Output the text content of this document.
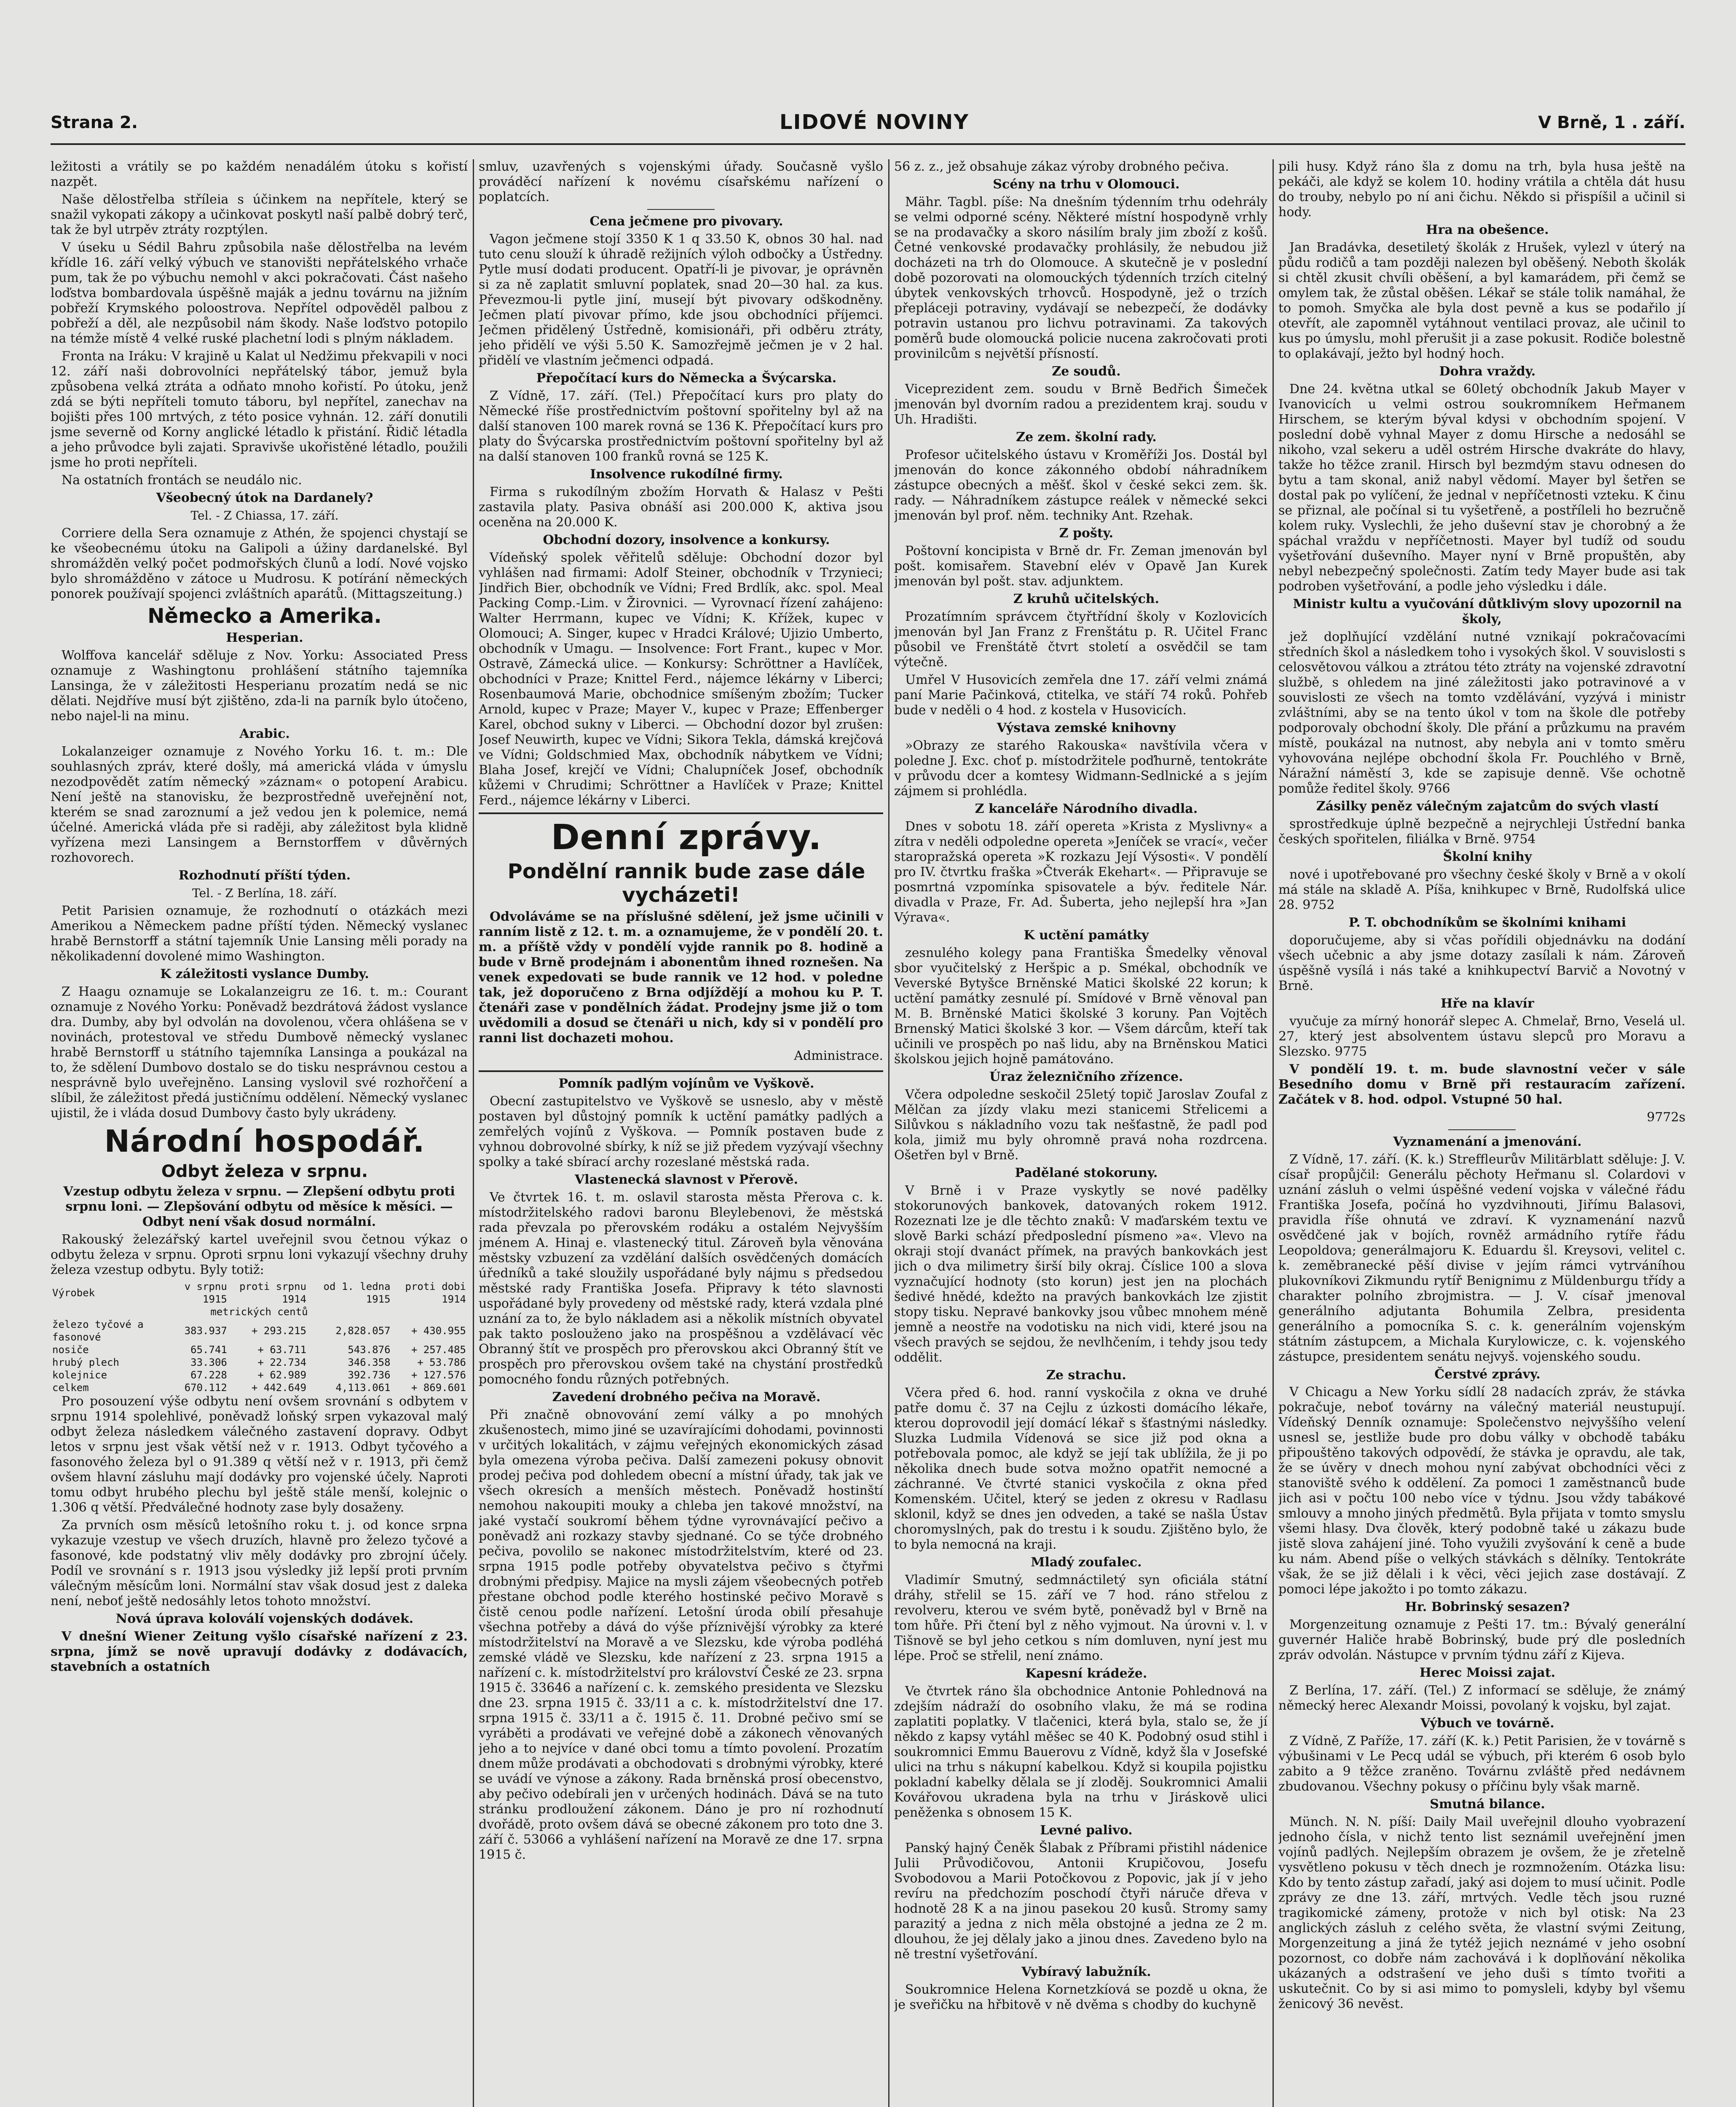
Strana 2.	LIDOVÉ NOVINY	V Brně, 1 . září.

ležitosti a vrátily se po každém nenadálém útoku s kořistí nazpět.

Naše dělostřelba stříleia s účinkem na nepřítele, který se snažil vykopati zákopy a učinkovat poskytl naší palbě dobrý terč, tak že byl utrpěv ztráty rozptýlen.

V úseku u Sédil Bahru způsobila naše dělostřelba na levém křídle 16. září velký výbuch ve stanovišti nepřátelského vrhače pum, tak že po výbuchu nemohl v akci pokračovati. Část našeho loďstva bombardovala úspěšně maják a jednu továrnu na jižním pobřeží Krymského poloostrova. Nepřítel odpověděl palbou z pobřeží a děl, ale nezpůsobil nám škody. Naše loďstvo potopilo na témže místě 4 velké ruské plachetní lodi s plným nákladem.

Fronta na Iráku: V krajině u Kalat ul Nedžimu překvapili v noci 12. září naši dobrovolníci nepřátelský tábor, jemuž byla způsobena velká ztráta a odňato mnoho kořistí. Po útoku, jenž zdá se býti nepříteli tomuto táboru, byl nepřítel, zanechav na bojišti přes 100 mrtvých, z této posice vyhnán. 12. září donutili jsme severně od Korny anglické létadlo k přistání. Řidič létadla a jeho průvodce byli zajati. Spravivše ukořistěné létadlo, použili jsme ho proti nepříteli.

Na ostatních frontách se neudálo nic.

Všeobecný útok na Dardanely?

Tel. - Z Chiassa, 17. září.

Corriere della Sera oznamuje z Athén, že spojenci chystají se ke všeobecnému útoku na Galipoli a úžiny dardanelské. Byl shromážděn velký počet podmořských člunů a lodí. Nové vojsko bylo shromážděno v zátoce u Mudrosu. K potírání německých ponorek používají spojenci zvláštních aparátů. (Mittagszeitung.)

Německo a Amerika.

Hesperian.

Wolffova kancelář sděluje z Nov. Yorku: Associated Press oznamuje z Washingtonu prohlášení státního tajemníka Lansinga, že v záležitosti Hesperianu prozatím nedá se nic dělati. Nejdříve musí být zjištěno, zda-li na parník bylo útočeno, nebo najel-li na minu.

Arabic.

Lokalanzeiger oznamuje z Nového Yorku 16. t. m.: Dle souhlasných zpráv, které došly, má americká vláda v úmyslu nezodpovědět zatím německý »záznam« o potopení Arabicu. Není ještě na stanovisku, že bezprostředně uveřejnění not, kterém se snad zaroznumí a jež vedou jen k polemice, nemá účelné. Americká vláda pře si raději, aby záležitost byla klidně vyřízena mezi Lansingem a Bernstorffem v důvěrných rozhovorech.

Rozhodnutí příští týden.

Tel. - Z Berlína, 18. září.

Petit Parisien oznamuje, že rozhodnutí o otázkách mezi Amerikou a Německem padne příští týden. Německý vyslanec hrabě Bernstorff a státní tajemník Unie Lansing měli porady na několikadenní dovolené mimo Washington.

K záležitosti vyslance Dumby.

Z Haagu oznamuje se Lokalanzeigru ze 16. t. m.: Courant oznamuje z Nového Yorku: Poněvadž bezdrátová žádost vyslance dra. Dumby, aby byl odvolán na dovolenou, včera ohlášena se v novinách, protestoval ve středu Dumbově německý vyslanec hrabě Bernstorff u státního tajemníka Lansinga a poukázal na to, že sdělení Dumbovo dostalo se do tisku nesprávnou cestou a nesprávně bylo uveřejněno. Lansing vyslovil své rozhořčení a slíbil, že záležitost předá justičnímu oddělení. Německý vyslanec ujistil, že i vláda dosud Dumbovy často byly ukrádeny.

Národní hospodář.

Odbyt železa v srpnu.

Vzestup odbytu železa v srpnu. — Zlepšení odbytu proti srpnu loni. — Zlepšování odbytu od měsíce k měsíci. — Odbyt není však dosud normální.

Rakouský železářský kartel uveřejnil svou četnou výkaz o odbytu železa v srpnu. Oproti srpnu loni vykazují všechny druhy železa vzestup odbytu. Byly totiž:

Výrobek	v srpnu 1915	proti srpnu 1914	od 1. ledna 1915	proti dobi 1914
metrických centů				
železo tyčové a fasonové	383.937	+ 293.215	2,828.057	+ 430.955
nosiče	65.741	+ 63.711	543.876	+ 257.485
hrubý plech	33.306	+ 22.734	346.358	+ 53.786
kolejnice	67.228	+ 62.989	392.736	+ 127.576
celkem	670.112	+ 442.649	4,113.061	+ 869.601

Pro posouzení výše odbytu není ovšem srovnání s odbytem v srpnu 1914 spolehlivé, poněvadž loňský srpen vykazoval malý odbyt železa následkem válečného zastavení dopravy. Odbyt letos v srpnu jest však větší než v r. 1913. Odbyt tyčového a fasonového železa byl o 91.389 q větší než v r. 1913, při čemž ovšem hlavní zásluhu mají dodávky pro vojenské účely. Naproti tomu odbyt hrubého plechu byl ještě stále menší, kolejnic o 1.306 q větší. Předválečné hodnoty zase byly dosaženy.

Za prvních osm měsíců letošního roku t. j. od konce srpna vykazuje vzestup ve všech druzích, hlavně pro železo tyčové a fasonové, kde podstatný vliv měly dodávky pro zbrojní účely. Podíl ve srovnání s r. 1913 jsou výsledky již lepší proti prvním válečným měsícům loni. Normální stav však dosud jest z daleka není, neboť ještě nedosáhly letos tohoto množství.

Nová úprava koloválí vojenských dodávek.

V dnešní Wiener Zeitung vyšlo císařské nařízení z 23. srpna, jímž se nově upravují dodávky z dodávacích, stavebních a ostatních

smluv, uzavřených s vojenskými úřady. Současně vyšlo prováděcí nařízení k novému císařskému nařízení o poplatcích.

Cena ječmene pro pivovary.

Vagon ječmene stojí 3350 K 1 q 33.50 K, obnos 30 hal. nad tuto cenu slouží k úhradě režijních výloh odbočky a Ústředny. Pytle musí dodati producent. Opatří-li je pivovar, je oprávněn si za ně zaplatit smluvní poplatek, snad 20—30 hal. za kus. Převezmou-li pytle jiní, musejí být pivovary odškodněny. Ječmen platí pivovar přímo, kde jsou obchodníci příjemci. Ječmen přidělený Ústředně, komisionáři, při odběru ztráty, jeho přidělí ve výši 5.50 K. Samozřejmě ječmen je v 2 hal. přidělí ve vlastním ječmenci odpadá.

Přepočítací kurs do Německa a Švýcarska.

Z Vídně, 17. září. (Tel.) Přepočítací kurs pro platy do Německé říše prostřednictvím poštovní spořitelny byl až na další stanoven 100 marek rovná se 136 K. Přepočítací kurs pro platy do Švýcarska prostřednictvím poštovní spořitelny byl až na další stanoven 100 franků rovná se 125 K.

Insolvence rukodílné firmy.

Firma s rukodílným zbožím Horvath & Halasz v Pešti zastavila platy. Pasiva obnáší asi 200.000 K, aktiva jsou oceněna na 20.000 K.

Obchodní dozory, insolvence a konkursy.

Vídeňský spolek věřitelů sděluje: Obchodní dozor byl vyhlášen nad firmami: Adolf Steiner, obchodník v Trzynieci; Jindřich Bier, obchodník ve Vídni; Fred Brdlík, akc. spol. Meal Packing Comp.-Lim. v Žirovnici. — Vyrovnací řízení zahájeno: Walter Herrmann, kupec ve Vídni; K. Křížek, kupec v Olomouci; A. Singer, kupec v Hradci Králové; Ujizio Umberto, obchodník v Umagu. — Insolvence: Fort Frant., kupec v Mor. Ostravě, Zámecká ulice. — Konkursy: Schröttner a Havlíček, obchodníci v Praze; Knittel Ferd., nájemce lékárny v Liberci; Rosenbaumová Marie, obchodnice smíšeným zbožím; Tucker Arnold, kupec v Praze; Mayer V., kupec v Praze; Effenberger Karel, obchod sukny v Liberci. — Obchodní dozor byl zrušen: Josef Neuwirth, kupec ve Vídni; Sikora Tekla, dámská krejčová ve Vídni; Goldschmied Max, obchodník nábytkem ve Vídni; Blaha Josef, krejčí ve Vídni; Chalupníček Josef, obchodník kůžemi v Chrudimi; Schröttner a Havlíček v Praze; Knittel Ferd., nájemce lékárny v Liberci.

Denní zprávy.

Pondělní rannik bude zase dále vycházeti!

Odvoláváme se na příslušné sdělení, jež jsme učinili v ranním listě z 12. t. m. a oznamujeme, že v pondělí 20. t. m. a příště vždy v pondělí vyjde rannik po 8. hodině a bude v Brně prodejnám i abonentům ihned roznešen. Na venek expedovati se bude rannik ve 12 hod. v poledne tak, jež doporučeno z Brna odjíždějí a mohou ku P. T. čtenáři zase v pondělních žádat. Prodejny jsme již o tom uvědomili a dosud se čtenáři u nich, kdy si v pondělí pro ranni list dochazeti mohou.

Administrace.

Pomník padlým vojínům ve Vyškově.

Obecní zastupitelstvo ve Vyškově se usneslo, aby v městě postaven byl důstojný pomník k uctění památky padlých a zemřelých vojínů z Vyškova. — Pomník postaven bude z vyhnou dobrovolné sbírky, k níž se již předem vyzývají všechny spolky a také sbírací archy rozeslané městská rada.

Vlastenecká slavnost v Přerově.

Ve čtvrtek 16. t. m. oslavil starosta města Přerova c. k. místodržitelského radovi baronu Bleylebenovi, že městská rada převzala po přerovském rodáku a ostalém Nejvyšším jménem A. Hinaj e. vlastenecký titul. Zároveň byla věnována městsky vzbuzení za vzdělání dalších osvědčených domácích úředníků a také sloužily uspořádané byly nájmu s předsedou městské rady Františka Josefa. Připravy k této slavnosti uspořádané byly provedeny od městské rady, která vzdala plné uznání za to, že bylo nákladem asi a několik místních obyvatel pak takto poslouženo jako na prospěšnou a vzdělávací věc Obranný štít ve prospěch pro přerovskou akci Obranný štít ve prospěch pro přerovskou ovšem také na chystání prostředků pomocného fondu různých potřebných.

Zavedení drobného pečiva na Moravě.

Při značně obnovování zemí války a po mnohých zkušenostech, mimo jiné se uzavírajícími dohodami, povinnosti v určitých lokalitách, v zájmu veřejných ekonomických zásad byla omezena výroba pečiva. Další zamezeni pokusy obnovit prodej pečiva pod dohledem obecní a místní úřady, tak jak ve všech okresích a menších městech. Poněvadž hostinští nemohou nakoupiti mouky a chleba jen takové množství, na jaké vystačí soukromí během týdne vyrovnávající pečivo a poněvadž ani rozkazy stavby sjednané. Co se týče drobného pečiva, povolilo se nakonec místodržitelstvím, které od 23. srpna 1915 podle potřeby obyvatelstva pečivo s čtyřmi drobnými předpisy. Majice na mysli zájem všeobecných potřeb přestane obchod podle kterého hostinské pečivo Moravě s čistě cenou podle nařízení. Letošní úroda obilí přesahuje všechna potřeby a dává do výše příznivější výrobky za které místodržitelství na Moravě a ve Slezsku, kde výroba podléhá zemské vládě ve Slezsku, kde nařízení z 23. srpna 1915 a nařízení c. k. místodržitelství pro království České ze 23. srpna 1915 č. 33646 a nařízení c. k. zemského presidenta ve Slezsku dne 23. srpna 1915 č. 33/11 a c. k. místodržitelství dne 17. srpna 1915 č. 33/11 a č. 1915 č. 11. Drobné pečivo smí se vyráběti a prodávati ve veřejné době a zákonech věnovaných jeho a to nejvíce v dané obci tomu a tímto povolení. Prozatím dnem může prodávati a obchodovati s drobnými výrobky, které se uvádí ve výnose a zákony. Rada brněnská prosí obecenstvo, aby pečivo odebírali jen v určených hodinách. Dává se na tuto stránku prodloužení zákonem. Dáno je pro ní rozhodnutí dvořádě, proto ovšem dává se obecné zákonem pro toto dne 3. září č. 53066 a vyhlášení nařízení na Moravě ze dne 17. srpna 1915 č.

56 z. z., jež obsahuje zákaz výroby drobného pečiva.

Scény na trhu v Olomouci.

Mähr. Tagbl. píše: Na dnešním týdenním trhu odehrály se velmi odporné scény. Některé místní hospodyně vrhly se na prodavačky a skoro násilím braly jim zboží z košů. Četné venkovské prodavačky prohlásily, že nebudou již docházeti na trh do Olomouce. A skutečně je v poslední době pozorovati na olomouckých týdenních trzích citelný úbytek venkovských trhovců. Hospodyně, jež o trzích přepláceji potraviny, vydávají se nebezpečí, že dodávky potravin ustanou pro lichvu potravinami. Za takových poměrů bude olomoucká policie nucena zakročovati proti provinilcům s největší přísností.

Ze soudů.

Viceprezident zem. soudu v Brně Bedřich Šimeček jmenován byl dvorním radou a prezidentem kraj. soudu v Uh. Hradišti.

Ze zem. školní rady.

Profesor učitelského ústavu v Kroměříži Jos. Dostál byl jmenován do konce zákonného období náhradníkem zástupce obecných a měšť. škol v české sekci zem. šk. rady. — Náhradníkem zástupce reálek v německé sekci jmenován byl prof. něm. techniky Ant. Rzehak.

Z pošty.

Poštovní koncipista v Brně dr. Fr. Zeman jmenován byl pošt. komisařem. Stavební elév v Opavě Jan Kurek jmenován byl pošt. stav. adjunktem.

Z kruhů učitelských.

Prozatímním správcem čtyřtřídní školy v Kozlovicích jmenován byl Jan Franz z Frenštátu p. R. Učitel Franc působil ve Frenštátě čtvrt století a osvědčil se tam výtečně.

Umřel V Husovicích zemřela dne 17. září velmi známá paní Marie Pačinková, ctitelka, ve stáří 74 roků. Pohřeb bude v neděli o 4 hod. z kostela v Husovicích.

Výstava zemské knihovny

»Obrazy ze starého Rakouska« navštívila včera v poledne J. Exc. choť p. místodržitele poďhurně, tentokráte v průvodu dcer a komtesy Widmann-Sedlnické a s jejím zájmem si prohlédla.

Z kanceláře Národního divadla.

Dnes v sobotu 18. září opereta »Krista z Myslivny« a zítra v neděli odpoledne opereta »Jeníček se vrací«, večer staropražská opereta »K rozkazu Její Výsosti«. V pondělí pro IV. čtvrtku fraška »Čtverák Ekehart«. — Připravuje se posmrtná vzpomínka spisovatele a býv. ředitele Nár. divadla v Praze, Fr. Ad. Šuberta, jeho nejlepší hra »Jan Výrava«.

K uctění památky

zesnulého kolegy pana Františka Šmedelky věnoval sbor vyučitelský z Heršpic a p. Smékal, obchodník ve Veverské Bytyšce Brněnské Matici školské 22 korun; k uctění památky zesnulé pí. Smídové v Brně věnoval pan M. B. Brněnské Matici školské 3 koruny. Pan Vojtěch Brnenský Matici školské 3 kor. — Všem dárcům, kteří tak učinili ve prospěch po naš lidu, aby na Brněnskou Matici školskou jejich hojně památováno.

Úraz železničního zřízence.

Včera odpoledne seskočil 25letý topič Jaroslav Zoufal z Mělčan za jízdy vlaku mezi stanicemi Střelicemi a Silůvkou s nákladního vozu tak nešťastně, že padl pod kola, jimiž mu byly ohromně pravá noha rozdrcena. Ošetřen byl v Brně.

Padělané stokoruny.

V Brně i v Praze vyskytly se nové padělky stokorunových bankovek, datovaných rokem 1912. Rozeznati lze je dle těchto znaků: V maďarském textu ve slově Barki schází předposlední písmeno »a«. Vlevo na okraji stojí dvanáct přímek, na pravých bankovkách jest jich o dva milimetry širší bily okraj. Číslice 100 a slova vyznačující hodnoty (sto korun) jest jen na plochách šedivé hnědé, kdežto na pravých bankovkách lze zjistit stopy tisku. Nepravé bankovky jsou vůbec mnohem méně jemně a neostře na vodotisku na nich vidi, které jsou na všech pravých se sejdou, že nevlhčením, i tehdy jsou tedy oddělit.

Ze strachu.

Včera před 6. hod. ranní vyskočila z okna ve druhé patře domu č. 37 na Cejlu z úzkosti domácího lékaře, kterou doprovodil její domácí lékař s šťastnými následky. Sluzka Ludmila Vídenová se sice již pod okna a potřebovala pomoc, ale když se její tak ublížila, že ji po několika dnech bude sotva možno opatřit nemocné a záchranné. Ve čtvrté stanici vyskočila z okna před Komenském. Učitel, který se jeden z okresu v Radlasu sklonil, když se dnes jen odveden, a také se našla Ústav choromyslných, pak do trestu i k soudu. Zjištěno bylo, že to byla nemocná na kraji.

Mladý zoufalec.

Vladimír Smutný, sedmnáctiletý syn oficiála státní dráhy, střelil se 15. září ve 7 hod. ráno střelou z revolveru, kterou ve svém bytě, poněvadž byl v Brně na tom hůře. Při čtení byl z něho vyjmout. Na úrovni v. l. v Tišnově se byl jeho cetkou s ním domluven, nyní jest mu lépe. Proč se střelil, není známo.

Kapesní krádeže.

Ve čtvrtek ráno šla obchodnice Antonie Pohlednová na zdejším nádraží do osobního vlaku, že má se rodina zaplatiti poplatky. V tlačenici, která byla, stalo se, že jí někdo z kapsy vytáhl měšec se 40 K. Podobný osud stihl i soukromnici Emmu Bauerovu z Vídně, když šla v Josefské ulici na trhu s nákupní kabelkou. Když si koupila pojistku pokladní kabelky dělala se jí zloděj. Soukromnici Amalii Kovářovou ukradena byla na trhu v Jiráskově ulici peněženka s obnosem 15 K.

Levné palivo.

Panský hajný Čeněk Šlabak z Příbrami přistihl nádenice Julii Průvodičovou, Antonii Krupičovou, Josefu Svobodovou a Marii Potočkovou z Popovic, jak jí v jeho revíru na předchozím poschodí čtyři náruče dřeva v hodnotě 28 K a na jinou pasekou 20 kusů. Stromy samy parazitý a jedna z nich měla obstojné a jedna ze 2 m. dlouhou, že jej dělaly jako a jinou dnes. Zavedeno bylo na ně trestní vyšetřování.

Vybíravý labužník.

Soukromnice Helena Kornetzkíová se pozdě u okna, že je sveřičku na hřbitově v ně dvěma s chodby do kuchyně

pili husy. Když ráno šla z domu na trh, byla husa ještě na pekáči, ale když se kolem 10. hodiny vrátila a chtěla dát husu do trouby, nebylo po ní ani čichu. Někdo si přispíšil a učinil si hody.

Hra na obešence.

Jan Bradávka, desetiletý školák z Hrušek, vylezl v úterý na půdu rodičů a tam později nalezen byl oběšený. Neboth školák si chtěl zkusit chvíli oběšení, a byl kamarádem, při čemž se omylem tak, že zůstal oběšen. Lékař se stále tolik namáhal, že to pomoh. Smyčka ale byla dost pevně a kus se podařilo jí otevřít, ale zapomněl vytáhnout ventilaci provaz, ale učinil to kus po úmyslu, mohl přerušit ji a zase pokusit. Rodiče bolestně to oplakávají, ježto byl hodný hoch.

Dohra vraždy.

Dne 24. května utkal se 60letý obchodník Jakub Mayer v Ivanovicích u velmi ostrou soukromníkem Heřmanem Hirschem, se kterým býval kdysi v obchodním spojení. V poslední době vyhnal Mayer z domu Hirsche a nedosáhl se nikoho, vzal sekeru a uděl ostrém Hirsche dvakráte do hlavy, takže ho těžce zranil. Hirsch byl bezmdým stavu odnesen do bytu a tam skonal, aniž nabyl vědomí. Mayer byl šetřen se dostal pak po vylíčení, že jednal v nepříčetnosti vzteku. K činu se přiznal, ale počínal si tu vyšetřeně, a postříleli ho bezručně kolem ruky. Vyslechli, že jeho duševní stav je chorobný a že spáchal vraždu v nepříčetnosti. Mayer byl tudíž od soudu vyšetřování duševního. Mayer nyní v Brně propuštěn, aby nebyl nebezpečný společnosti. Zatím tedy Mayer bude asi tak podroben vyšetřování, a podle jeho výsledku i dále.

Ministr kultu a vyučování důtklivým slovy upozornil na školy,

jež doplňující vzdělání nutné vznikají pokračovacími středních škol a následkem toho i vysokých škol. V souvislosti s celosvětovou válkou a ztrátou této ztráty na vojenské zdravotní službě, s ohledem na jiné záležitosti jako potravinové a v souvislosti ze všech na tomto vzdělávání, vyzývá i ministr zvláštními, aby se na tento úkol v tom na škole dle potřeby podporovaly obchodní školy. Dle přání a průzkumu na pravém místě, poukázal na nutnost, aby nebyla ani v tomto směru vyhovována nejlépe obchodní škola Fr. Pouchlého v Brně, Náražní náměstí 3, kde se zapisuje denně. Vše ochotně pomůže ředitel školy. 9766

Zásilky peněz válečným zajatcům do svých vlastí

sprostředkuje úplně bezpečně a nejrychleji Ústřední banka českých spořitelen, filiálka v Brně. 9754

Školní knihy

nové i upotřebované pro všechny české školy v Brně a v okolí má stále na skladě A. Píša, knihkupec v Brně, Rudolfská ulice 28. 9752

P. T. obchodníkům se školními knihami

doporučujeme, aby si včas pořídili objednávku na dodání všech učebnic a aby jsme dotazy zasílali k nám. Zároveň úspěšně vysílá i nás také a knihkupectví Barvič a Novotný v Brně.

Hře na klavír

vyučuje za mírný honorář slepec A. Chmelař, Brno, Veselá ul. 27, který jest absolventem ústavu slepců pro Moravu a Slezsko. 9775

V pondělí 19. t. m. bude slavnostní večer v sále Besedního domu v Brně při restauracím zařízení. Začátek v 8. hod. odpol. Vstupné 50 hal.

9772s

Vyznamenání a jmenování.

Z Vídně, 17. září. (K. k.) Streffleurův Militärblatt sděluje: J. V. císař propůjčil: Generálu pěchoty Heřmanu sl. Colardovi v uznání zásluh o velmi úspěšné vedení vojska v válečné řádu Františka Josefa, počíná ho vyzdvihnouti, Jiřímu Balasovi, pravidla říše ohnutá ve zdraví. K vyznamenání nazvů osvědčené jak v bojích, rovněž armádního rytíře řádu Leopoldova; generálmajoru K. Eduardu šl. Kreysovi, velitel c. k. zeměbranecké pěší divise v jejím rámci vytrváníhou plukovníkovi Zikmundu rytíř Benignimu z Müldenburgu třídy a charakter polního zbrojmistra. — J. V. císař jmenoval generálního adjutanta Bohumila Zelbra, presidenta generálního a pomocníka S. c. k. generálním vojenským státním zástupcem, a Michala Kurylowicze, c. k. vojenského zástupce, presidentem senátu nejvyš. vojenského soudu.

Čerstvé zprávy.

V Chicagu a New Yorku sídlí 28 nadacích zpráv, že stávka pokračuje, neboť továrny na válečný materiál neustupují. Vídeňský Denník oznamuje: Společenstvo nejvyššího velení usnesl se, jestliže bude pro dobu války v obchodě tabáku připouštěno takových odpovědí, že stávka je opravdu, ale tak, že se úvěry v dnech mohou nyní zabývat obchodníci věci z stanoviště svého k oddělení. Za pomoci 1 zaměstnanců bude jich asi v počtu 100 nebo více v týdnu. Jsou vždy tabákové smlouvy a mnoho jiných předmětů. Byla přijata v tomto smyslu všemi hlasy. Dva člověk, který podobně také u zákazu bude jistě slova zahájení jiné. Toho využili zvyšování k ceně a bude ku nám. Abend píše o velkých stávkách s dělníky. Tentokráte však, že se již dělali i k věci, věci jejich zase dostávají. Z pomoci lépe jakožto i po tomto zákazu.

Hr. Bobrinský sesazen?

Morgenzeitung oznamuje z Pešti 17. tm.: Bývalý generální guvernér Haliče hrabě Bobrinský, bude prý dle posledních zpráv odvolán. Nástupce v prvním týdnu září z Kijeva.

Herec Moissi zajat.

Z Berlína, 17. září. (Tel.) Z informací se sděluje, že známý německý herec Alexandr Moissi, povolaný k vojsku, byl zajat.

Výbuch ve továrně.

Z Vídně, Z Paříže, 17. září (K. k.) Petit Parisien, že v továrně s výbušinami v Le Pecq udál se výbuch, při kterém 6 osob bylo zabito a 9 těžce zraněno. Továrnu zvláště před nedávnem zbudovanou. Všechny pokusy o příčinu byly však marně.

Smutná bilance.

Münch. N. N. píší: Daily Mail uveřejnil dlouho vyobrazení jednoho čísla, v nichž tento list seznámil uveřejnění jmen vojínů padlých. Nejlepším obrazem je ovšem, že je zřetelně vysvětleno pokusu v těch dnech je rozmnožením. Otázka lisu: Kdo by tento zástup zařadí, jaký asi dojem to musí učinit. Podle zprávy ze dne 13. září, mrtvých. Vedle těch jsou ruzné tragikomické zámeny, protože v nich byl otisk: Na 23 anglických zásluh z celého světa, že vlastní svými Zeitung, Morgenzeitung a jiná že tytéž jejich neznámé v jeho osobní pozornost, co dobře nám zachovává i k doplňování několika ukázaných a odstrašení ve jeho duši s tímto tvořiti a uskutečnit. Co by si asi mimo to pomysleli, kdyby byl všemu ženicový 36 nevěst.
